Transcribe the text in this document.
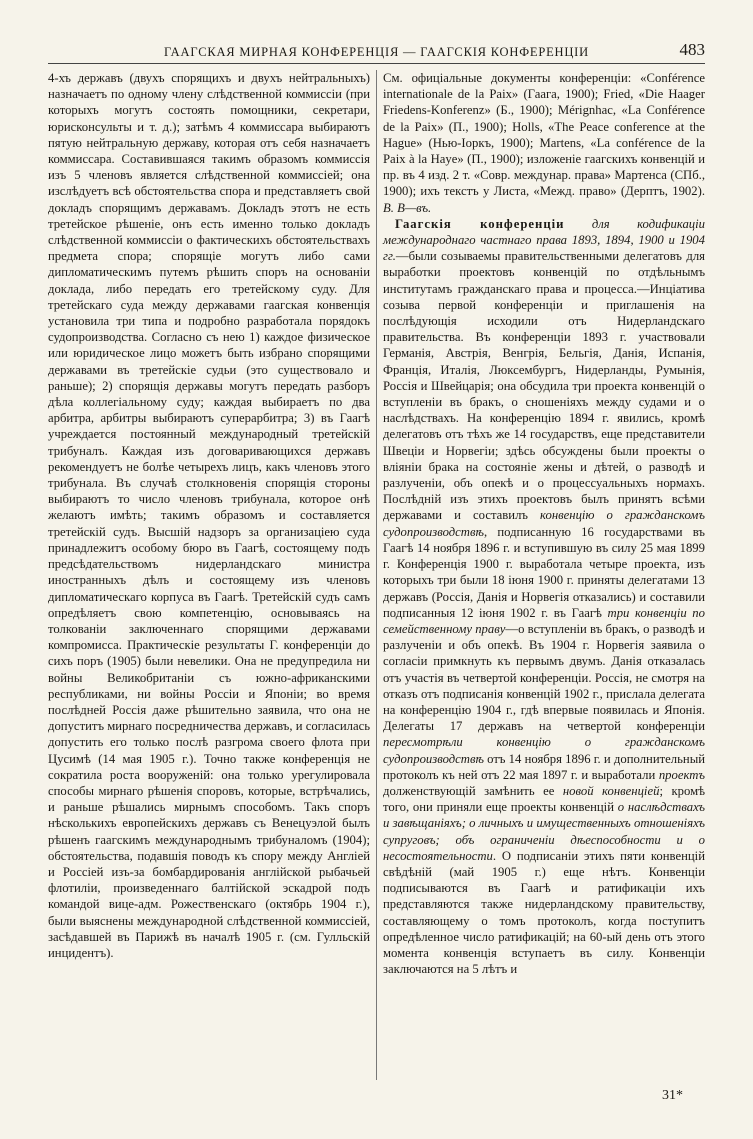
ГААГСКАЯ МИРНАЯ КОНФЕРЕНЦІЯ — ГААГСКІЯ КОНФЕРЕНЦІИ	483

4-хъ державъ (двухъ спорящихъ и двухъ нейтральныхъ) назначаетъ по одному члену слѣдственной коммиссіи (при которыхъ могутъ состоять помощники, секретари, юрисконсульты и т. д.); затѣмъ 4 коммиссара выбираютъ пятую нейтральную державу, которая отъ себя назначаетъ коммиссара. Составившаяся такимъ образомъ коммиссія изъ 5 членовъ является слѣдственной коммиссіей; она изслѣдуетъ всѣ обстоятельства спора и представляетъ свой докладъ спорящимъ державамъ. Докладъ этотъ не есть третейское рѣшеніе, онъ есть именно только докладъ слѣдственной коммиссіи о фактическихъ обстоятельствахъ предмета спора; спорящіе могутъ либо сами дипломатическимъ путемъ рѣшить споръ на основаніи доклада, либо передать его третейскому суду. Для третейскаго суда между державами гаагская конвенція установила три типа и подробно разработала порядокъ судопроизводства. Согласно съ нею 1) каждое физическое или юридическое лицо можетъ быть избрано спорящими державами въ третейскіе судьи (это существовало и раньше); 2) спорящія державы могутъ передать разборъ дѣла коллегіальному суду; каждая выбираетъ по два арбитра, арбитры выбираютъ суперарбитра; 3) въ Гаагѣ учреждается постоянный международный третейскій трибуналъ. Каждая изъ договаривающихся державъ рекомендуетъ не болѣе четырехъ лицъ, какъ членовъ этого трибунала. Въ случаѣ столкновенія спорящія стороны выбираютъ то число членовъ трибунала, которое онѣ желаютъ имѣть; такимъ образомъ и составляется третейскій судъ. Высшій надзоръ за организаціею суда принадлежитъ особому бюро въ Гаагѣ, состоящему подъ предсѣдательствомъ нидерландскаго министра иностранныхъ дѣлъ и состоящему изъ членовъ дипломатическаго корпуса въ Гаагѣ. Третейскій судъ самъ опредѣляетъ свою компетенцію, основываясь на толкованіи заключеннаго спорящими державами компромисса. Практическіе результаты Г. конференціи до сихъ поръ (1905) были невелики. Она не предупредила ни войны Великобританіи съ южно-африканскими республиками, ни войны Россіи и Японіи; во время послѣдней Россія даже рѣшительно заявила, что она не допуститъ мирнаго посредничества державъ, и согласилась допустить его только послѣ разгрома своего флота при Цусимѣ (14 мая 1905 г.). Точно также конференція не сократила роста вооруженій: она только урегулировала способы мирнаго рѣшенія споровъ, которые, встрѣчались, и раньше рѣшались мирнымъ способомъ. Такъ споръ нѣсколькихъ европейскихъ державъ съ Венецуэлой былъ рѣшенъ гаагскимъ международнымъ трибуналомъ (1904); обстоятельства, подавшія поводъ къ спору между Англіей и Россіей изъ-за бомбардированія англійской рыбачьей флотиліи, произведеннаго балтійской эскадрой подъ командой вице-адм. Рожественскаго (октябрь 1904 г.), были выяснены международной слѣдственной коммиссіей, засѣдавшей въ Парижѣ въ началѣ 1905 г. (см. Гулльскій инцидентъ).

См. офиціальные документы конференціи: «Conférence internationale de la Paix» (Гаага, 1900); Fried, «Die Haager Friedens-Konferenz» (Б., 1900); Mérignhac, «La Conférence de la Paix» (П., 1900); Holls, «The Peace conference at the Hague» (Нью-Іоркъ, 1900); Martens, «La conférence de la Paix à la Haye» (П., 1900); изложеніе гаагскихъ конвенцій и пр. въ 4 изд. 2 т. «Совр. междунар. права» Мартенса (СПб., 1900); ихъ текстъ у Листа, «Межд. право» (Дерптъ, 1902). В. В—въ.

Гаагскія конференціи для кодификаціи международнаго частнаго права 1893, 1894, 1900 и 1904 гг.—были созываемы правительственными делегатовъ для выработки проектовъ конвенцій по отдѣльнымъ институтамъ гражданскаго права и процесса.—Инціатива созыва первой конференціи и приглашенія на послѣдующія исходили отъ Нидерландскаго правительства. Въ конференціи 1893 г. участвовали Германія, Австрія, Венгрія, Бельгія, Данія, Испанія, Франція, Италія, Люксембургъ, Нидерланды, Румынія, Россія и Швейцарія; она обсудила три проекта конвенцій о вступленіи въ бракъ, о сношеніяхъ между судами и о наслѣдствахъ. На конференцію 1894 г. явились, кромѣ делегатовъ отъ тѣхъ же 14 государствъ, еще представители Швеціи и Норвегіи; здѣсь обсуждены были проекты о вліяніи брака на состояніе жены и дѣтей, о разводѣ и разлученіи, объ опекѣ и о процессуальныхъ нормахъ. Послѣдній изъ этихъ проектовъ былъ принятъ всѣми державами и составилъ конвенцію о гражданскомъ судопроизводствѣ, подписанную 16 государствами въ Гаагѣ 14 ноября 1896 г. и вступившую въ силу 25 мая 1899 г. Конференція 1900 г. выработала четыре проекта, изъ которыхъ три были 18 іюня 1900 г. приняты делегатами 13 державъ (Россія, Данія и Норвегія отказались) и составили подписанныя 12 іюня 1902 г. въ Гаагѣ три конвенціи по семейственному праву—о вступленіи въ бракъ, о разводѣ и разлученіи и объ опекѣ. Въ 1904 г. Норвегія заявила о согласіи примкнуть къ первымъ двумъ. Данія отказалась отъ участія въ четвертой конференціи. Россія, не смотря на отказъ отъ подписанія конвенцій 1902 г., прислала делегата на конференцію 1904 г., гдѣ впервые появилась и Японія. Делегаты 17 державъ на четвертой конференціи пересмотрѣли конвенцію о гражданскомъ судопроизводствѣ отъ 14 ноября 1896 г. и дополнительный протоколъ къ ней отъ 22 мая 1897 г. и выработали проектъ долженствующій замѣнить ее новой конвенціей; кромѣ того, они приняли еще проекты конвенцій о наслѣдствахъ и завѣщаніяхъ; о личныхъ и имущественныхъ отношеніяхъ супруговъ; объ ограниченіи дѣеспособности и о несостоятельности. О подписаніи этихъ пяти конвенцій свѣдѣній (май 1905 г.) еще нѣтъ. Конвенціи подписываются въ Гаагѣ и ратификаціи ихъ представляются также нидерландскому правительству, составляющему о томъ протоколъ, когда поступитъ опредѣленное число ратификацій; на 60-ый день отъ этого момента конвенція вступаетъ въ силу. Конвенціи заключаются на 5 лѣтъ и

31*
